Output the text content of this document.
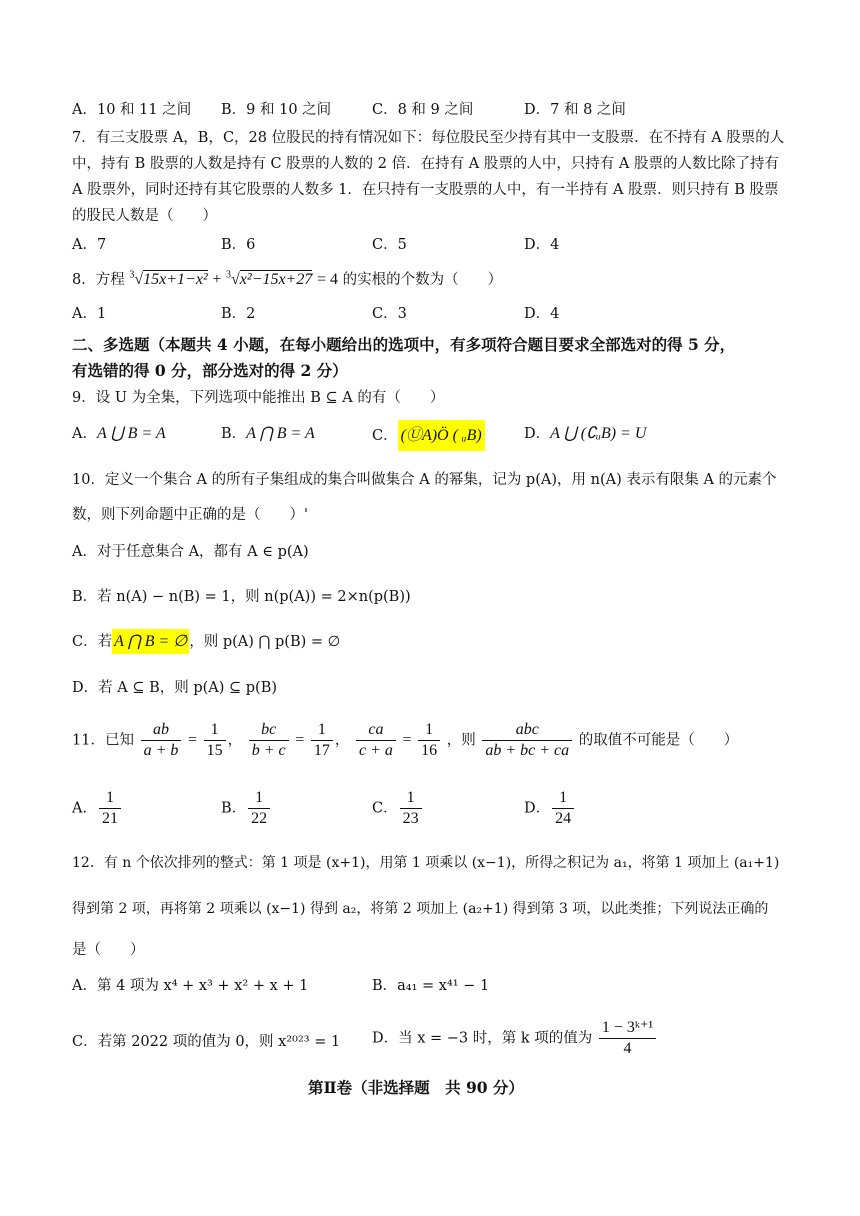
A．10 和 11 之间 B．9 和 10 之间	C．8 和 9 之间	D．7 和 8 之间
7．有三支股票 A，B，C，28 位股民的持有情况如下：每位股民至少持有其中一支股票．在不持有 A 股票的人
中，持有 B 股票的人数是持有 C 股票的人数的 2 倍．在持有 A 股票的人中，只持有 A 股票的人数比除了持有
A 股票外，同时还持有其它股票的人数多 1．在只持有一支股票的人中，有一半持有 A 股票．则只持有 B 股票
的股民人数是（　　）
A．7	B．6	C．5	D．4
8．方程 $^3$√15x+1−x² + $^3$√x²−15x+27 = 4 的实根的个数为（　　）
A．1	B．2	C．3	D．4
二、多选题（本题共 4 小题，在每小题给出的选项中，有多项符合题目要求全部选对的得 5 分，
有选错的得 0 分，部分选对的得 2 分）
9．设 U 为全集，下列选项中能推出 B ⊆ A 的有（　　）
A．A ⋃ B = A	B．A ⋂ B = A	C． (ⓊA)Ö ( ᵤB)	D．A ⋃ (∁ᵤB) = U
10．定义一个集合 A 的所有子集组成的集合叫做集合 A 的幂集，记为 p(A)，用 n(A) 表示有限集 A 的元素个
数，则下列命题中正确的是（　　）'
A．对于任意集合 A，都有 A ∈ p(A)
B．若 n(A) − n(B) = 1，则 n(p(A)) = 2×n(p(B))
C．若 A ⋂ B = ∅ ，则 p(A) ⋂ p(B) = ∅
D．若 A ⊆ B，则 p(A) ⊆ p(B)
11．已知 $\frac{ab}{a + b} = \frac{1}{15}$ ， $\frac{bc}{b + c} = \frac{1}{17}$ ， $\frac{ca}{c + a} = \frac{1}{16}$ ，则 $\frac{\text{abc}}{ab + bc + ca}$ 的取值不可能是（　　）
A． $\frac{1}{21}$	B． $\frac{1}{22}$	C． $\frac{1}{23}$	D． $\frac{1}{24}$
12．有 n 个依次排列的整式：第 1 项是 (x+1)，用第 1 项乘以 (x−1)，所得之积记为 a₁，将第 1 项加上 (a₁+1)
得到第 2 项，再将第 2 项乘以 (x−1) 得到 a₂，将第 2 项加上 (a₂+1) 得到第 3 项，以此类推；下列说法正确的
是（　　）
A．第 4 项为 x⁴ + x³ + x² + x + 1	B．a₄₁ = x⁴¹ − 1
C．若第 2022 项的值为 0，则 x²⁰²³ = 1 D．当 x = −3 时，第 k 项的值为 $\frac{\text{1 − 3ᵏ⁺¹}}{4}$
第Ⅱ卷（非选择题　共 90 分）
